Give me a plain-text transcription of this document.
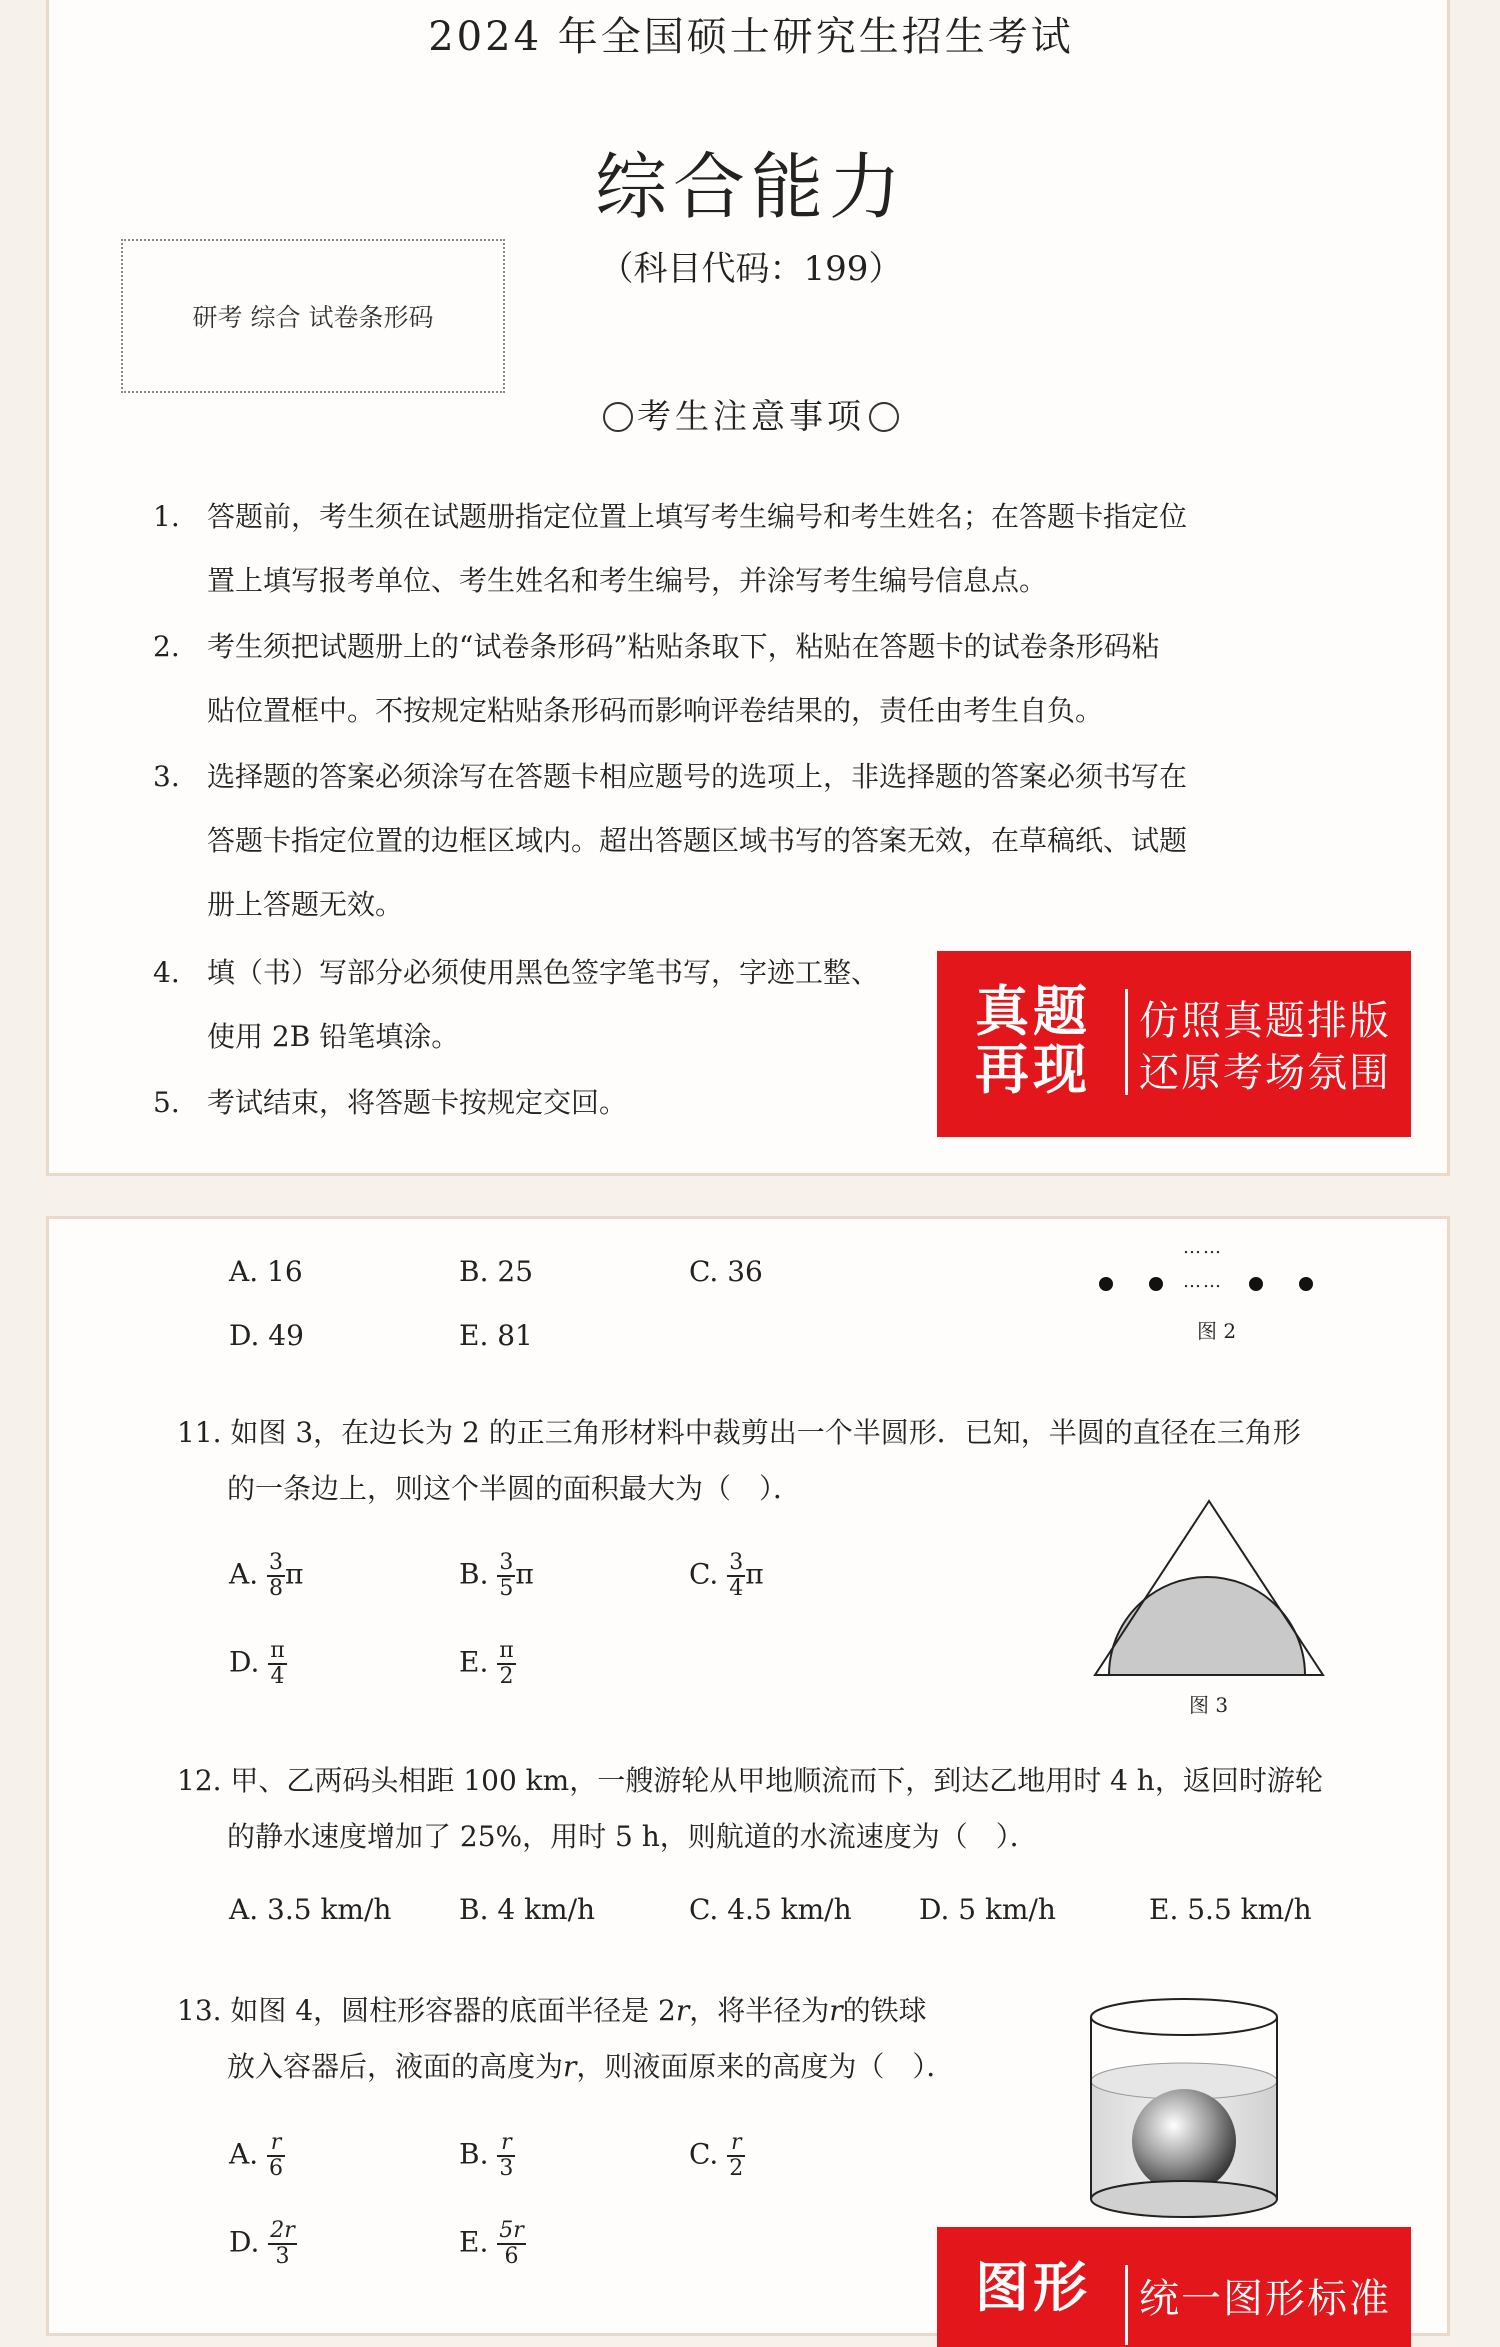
2024 年全国硕士研究生招生考试
综合能力
（科目代码：199）
研考 综合 试卷条形码
考生注意事项
1. 答题前，考生须在试题册指定位置上填写考生编号和考生姓名；在答题卡指定位
置上填写报考单位、考生姓名和考生编号，并涂写考生编号信息点。
2. 考生须把试题册上的“试卷条形码”粘贴条取下，粘贴在答题卡的试卷条形码粘
贴位置框中。不按规定粘贴条形码而影响评卷结果的，责任由考生自负。
3. 选择题的答案必须涂写在答题卡相应题号的选项上，非选择题的答案必须书写在
答题卡指定位置的边框区域内。超出答题区域书写的答案无效，在草稿纸、试题
册上答题无效。
4. 填（书）写部分必须使用黑色签字笔书写，字迹工整、
使用 2B 铅笔填涂。
5. 考试结束，将答题卡按规定交回。
真题
再现
仿照真题排版
还原考场氛围
A. 16	B. 25	C. 36
D. 49	E. 81
……
……
图 2
11. 如图 3，在边长为 2 的正三角形材料中裁剪出一个半圆形．已知，半圆的直径在三角形
的一条边上，则这个半圆的面积最大为（　）．
A. $\frac{3}{8}$ π	B. $\frac{3}{5}$ π	C. $\frac{3}{4}$ π
D. $\frac{\pi}{4}$	E. $\frac{\pi}{2}$
图 3
12. 甲、乙两码头相距 100 km，一艘游轮从甲地顺流而下，到达乙地用时 4 h，返回时游轮
的静水速度增加了 25%，用时 5 h，则航道的水流速度为（　）．
A. 3.5 km/h B. 4 km/h	C. 4.5 km/h D. 5 km/h	E. 5.5 km/h
13. 如图 4，圆柱形容器的底面半径是 2r，将半径为r的铁球
放入容器后，液面的高度为r，则液面原来的高度为（　）．
A. $\frac{r}{6}$	B. $\frac{r}{3}$	C. $\frac{r}{2}$
D. $\frac{2r}{3}$	E. $\frac{5r}{6}$
图形 统一图形标准
